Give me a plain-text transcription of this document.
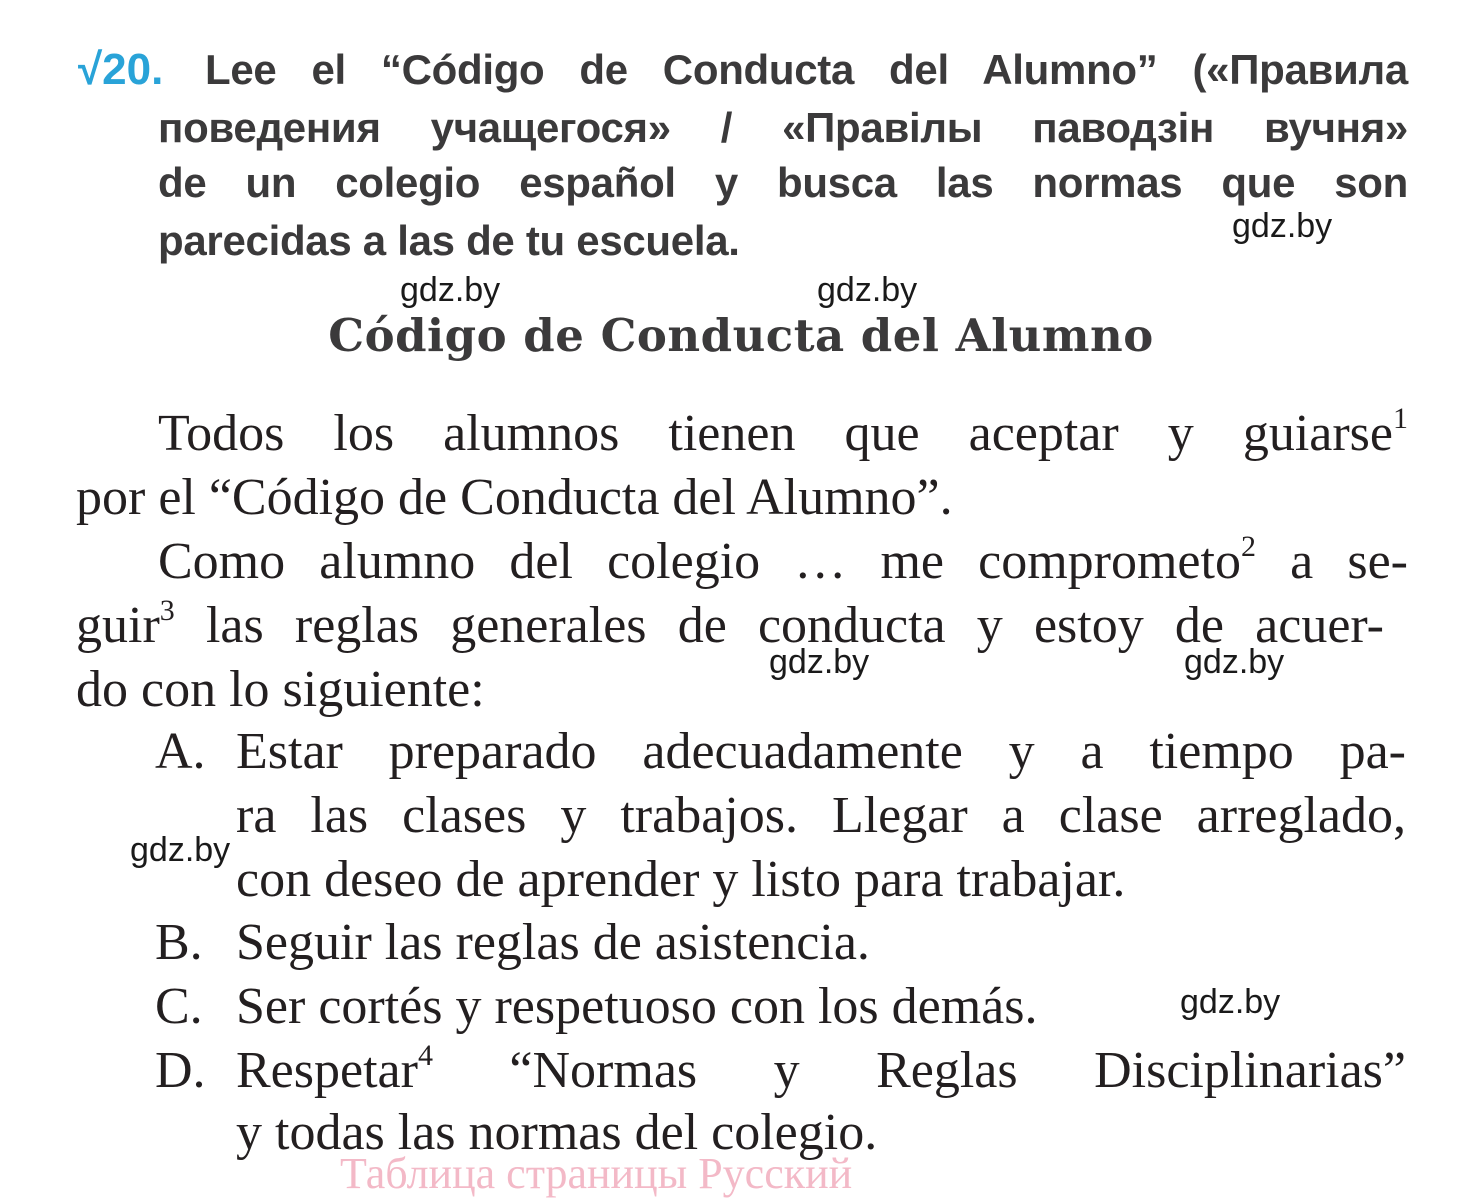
√20. Lee el “Código de Conducta del Alumno” («Правила
поведения учащегося» / «Правілы паводзін вучня»
de un colegio español y busca las normas que son
parecidas a las de tu escuela.
Código de Conducta del Alumno
Todos los alumnos tienen que aceptar y guiarse$^1$
por el “Código de Conducta del Alumno”.
Como alumno del colegio … me comprometo$^2$ a se-
guir$^3$ las reglas generales de conducta y estoy de acuer-
do con lo siguiente:
A. Estar preparado adecuadamente y a tiempo pa-
ra las clases y trabajos. Llegar a clase arreglado,
con deseo de aprender y listo para trabajar.
B. Seguir las reglas de asistencia.
C. Ser cortés y respetuoso con los demás.
D. Respetar$^4$ “Normas y Reglas Disciplinarias”
y todas las normas del colegio.
Таблица страницы Русский
gdz.by
gdz.by	gdz.by
gdz.by	gdz.by
gdz.by
gdz.by
